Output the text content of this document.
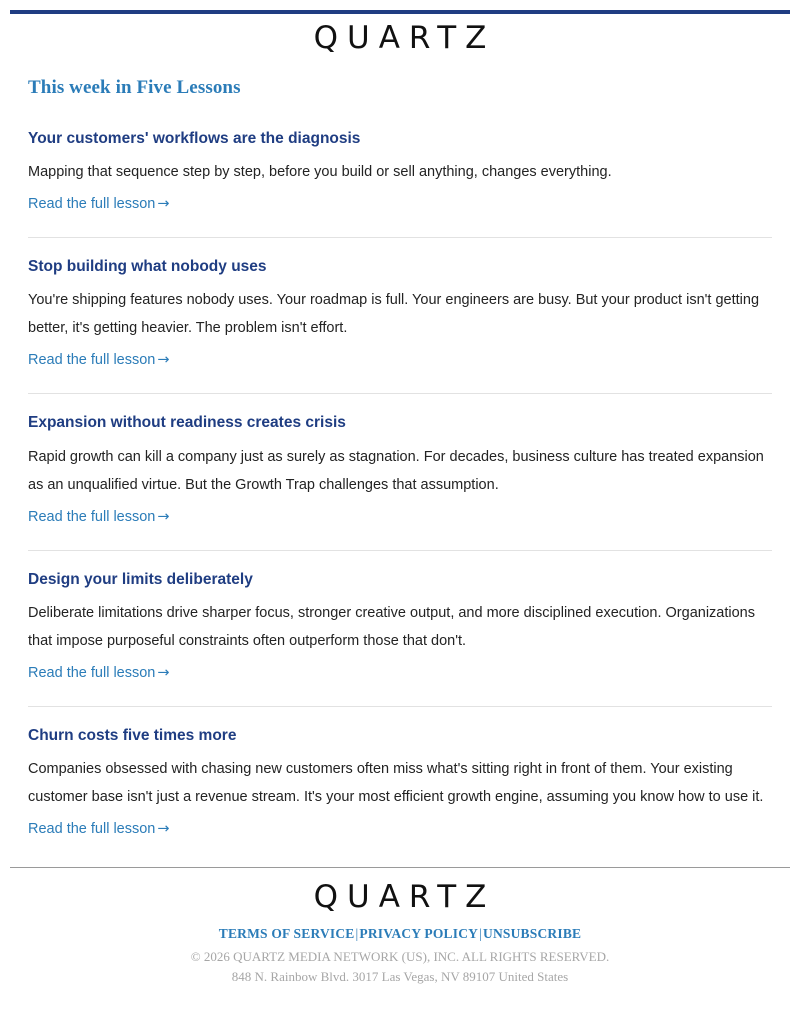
QUARTZ
This week in Five Lessons
Your customers' workflows are the diagnosis

Mapping that sequence step by step, before you build or sell anything, changes everything.

Read the full lesson →
Stop building what nobody uses

You're shipping features nobody uses. Your roadmap is full. Your engineers are busy. But your product isn't getting better, it's getting heavier. The problem isn't effort.

Read the full lesson →
Expansion without readiness creates crisis

Rapid growth can kill a company just as surely as stagnation. For decades, business culture has treated expansion as an unqualified virtue. But the Growth Trap challenges that assumption.

Read the full lesson →
Design your limits deliberately

Deliberate limitations drive sharper focus, stronger creative output, and more disciplined execution. Organizations that impose purposeful constraints often outperform those that don't.

Read the full lesson →
Churn costs five times more

Companies obsessed with chasing new customers often miss what's sitting right in front of them. Your existing customer base isn't just a revenue stream. It's your most efficient growth engine, assuming you know how to use it.

Read the full lesson →
QUARTZ
TERMS OF SERVICE|PRIVACY POLICY|UNSUBSCRIBE
© 2026 QUARTZ MEDIA NETWORK (US), INC. ALL RIGHTS RESERVED.
848 N. Rainbow Blvd. 3017 Las Vegas, NV 89107 United States
